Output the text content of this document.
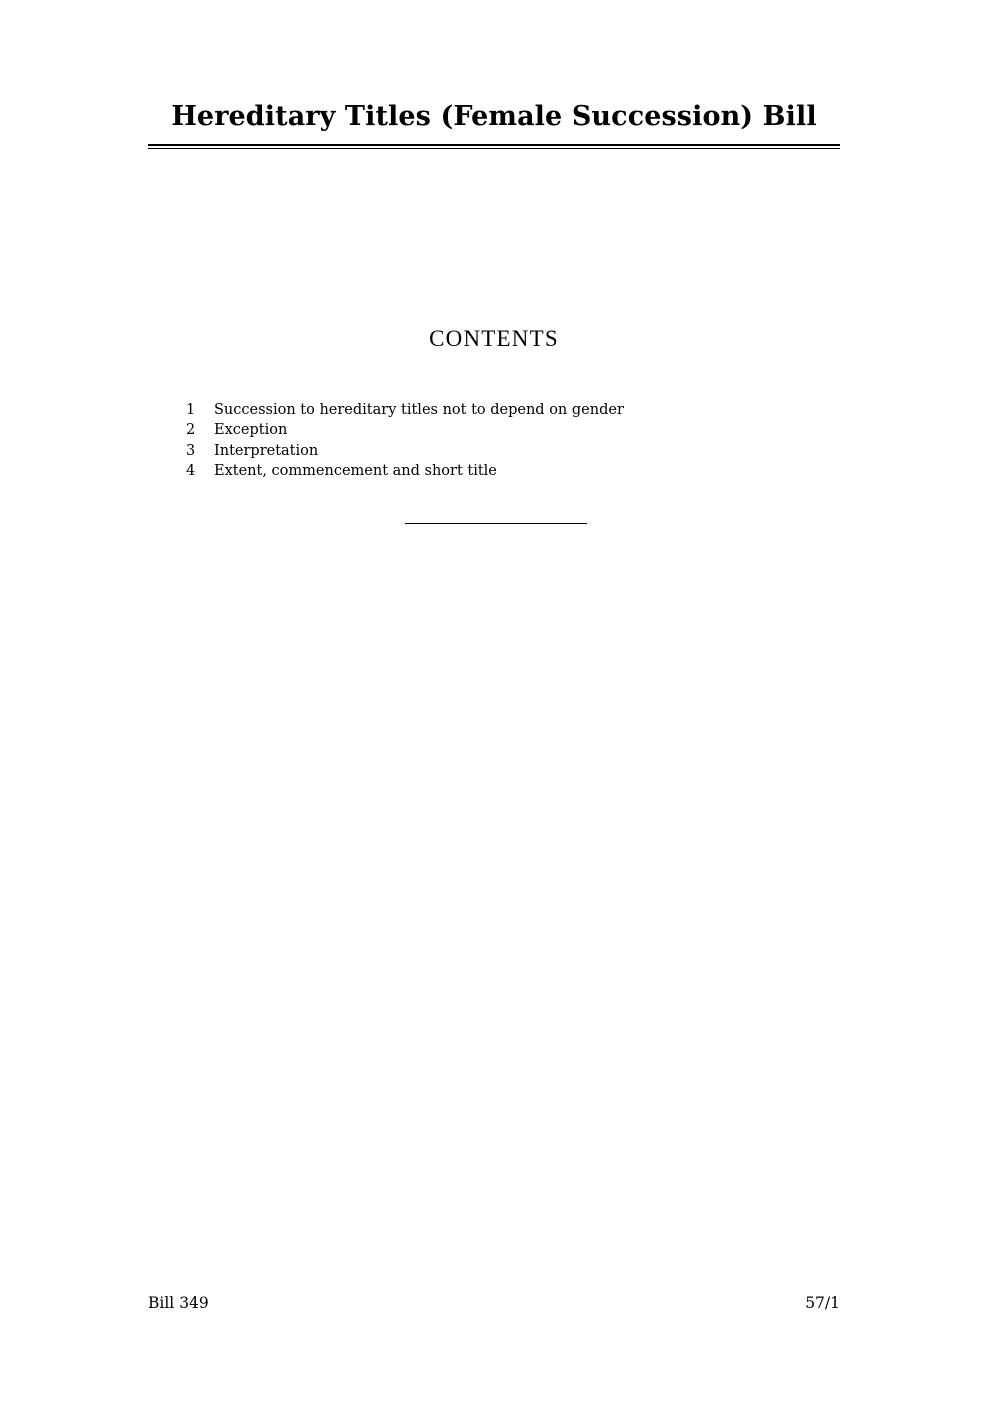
Hereditary Titles (Female Succession) Bill
CONTENTS
1	Succession to hereditary titles not to depend on gender
2	Exception
3	Interpretation
4	Extent, commencement and short title
Bill 349	57/1
